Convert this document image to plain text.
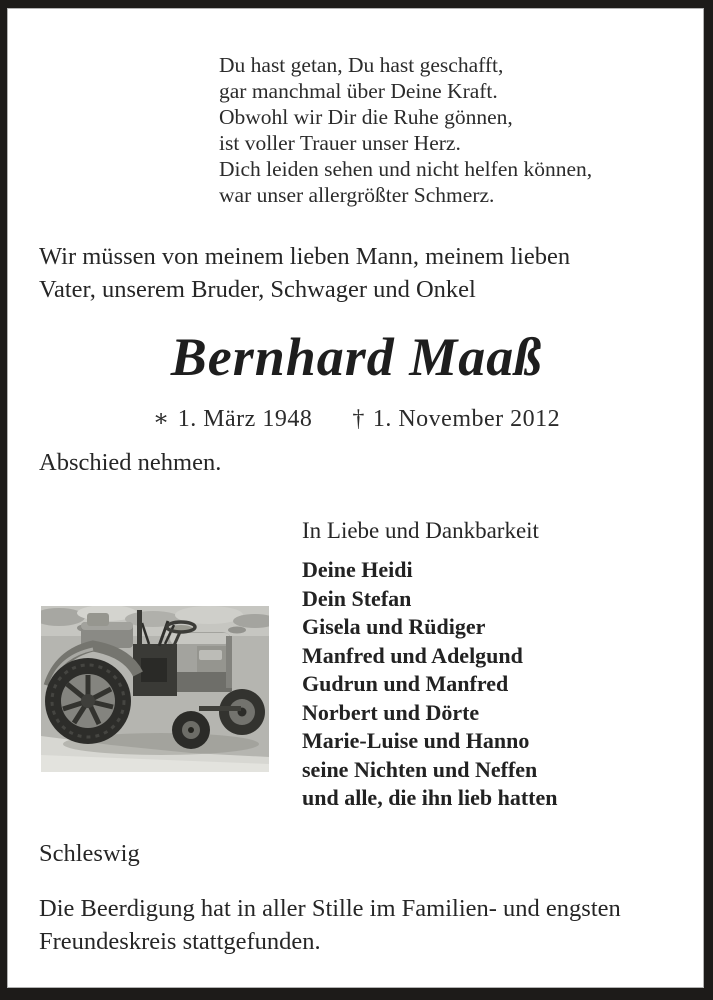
Du hast getan, Du hast geschafft,
gar manchmal über Deine Kraft.
Obwohl wir Dir die Ruhe gönnen,
ist voller Trauer unser Herz.
Dich leiden sehen und nicht helfen können,
war unser allergrößter Schmerz.
Wir müssen von meinem lieben Mann, meinem lieben
Vater, unserem Bruder, Schwager und Onkel
Bernhard Maaß
∗ 1. März 1948 † 1. November 2012
Abschied nehmen.
In Liebe und Dankbarkeit
Deine Heidi
Dein Stefan
Gisela und Rüdiger
Manfred und Adelgund
Gudrun und Manfred
Norbert und Dörte
Marie-Luise und Hanno
seine Nichten und Neffen
und alle, die ihn lieb hatten
Schleswig
Die Beerdigung hat in aller Stille im Familien- und engsten
Freundeskreis stattgefunden.
